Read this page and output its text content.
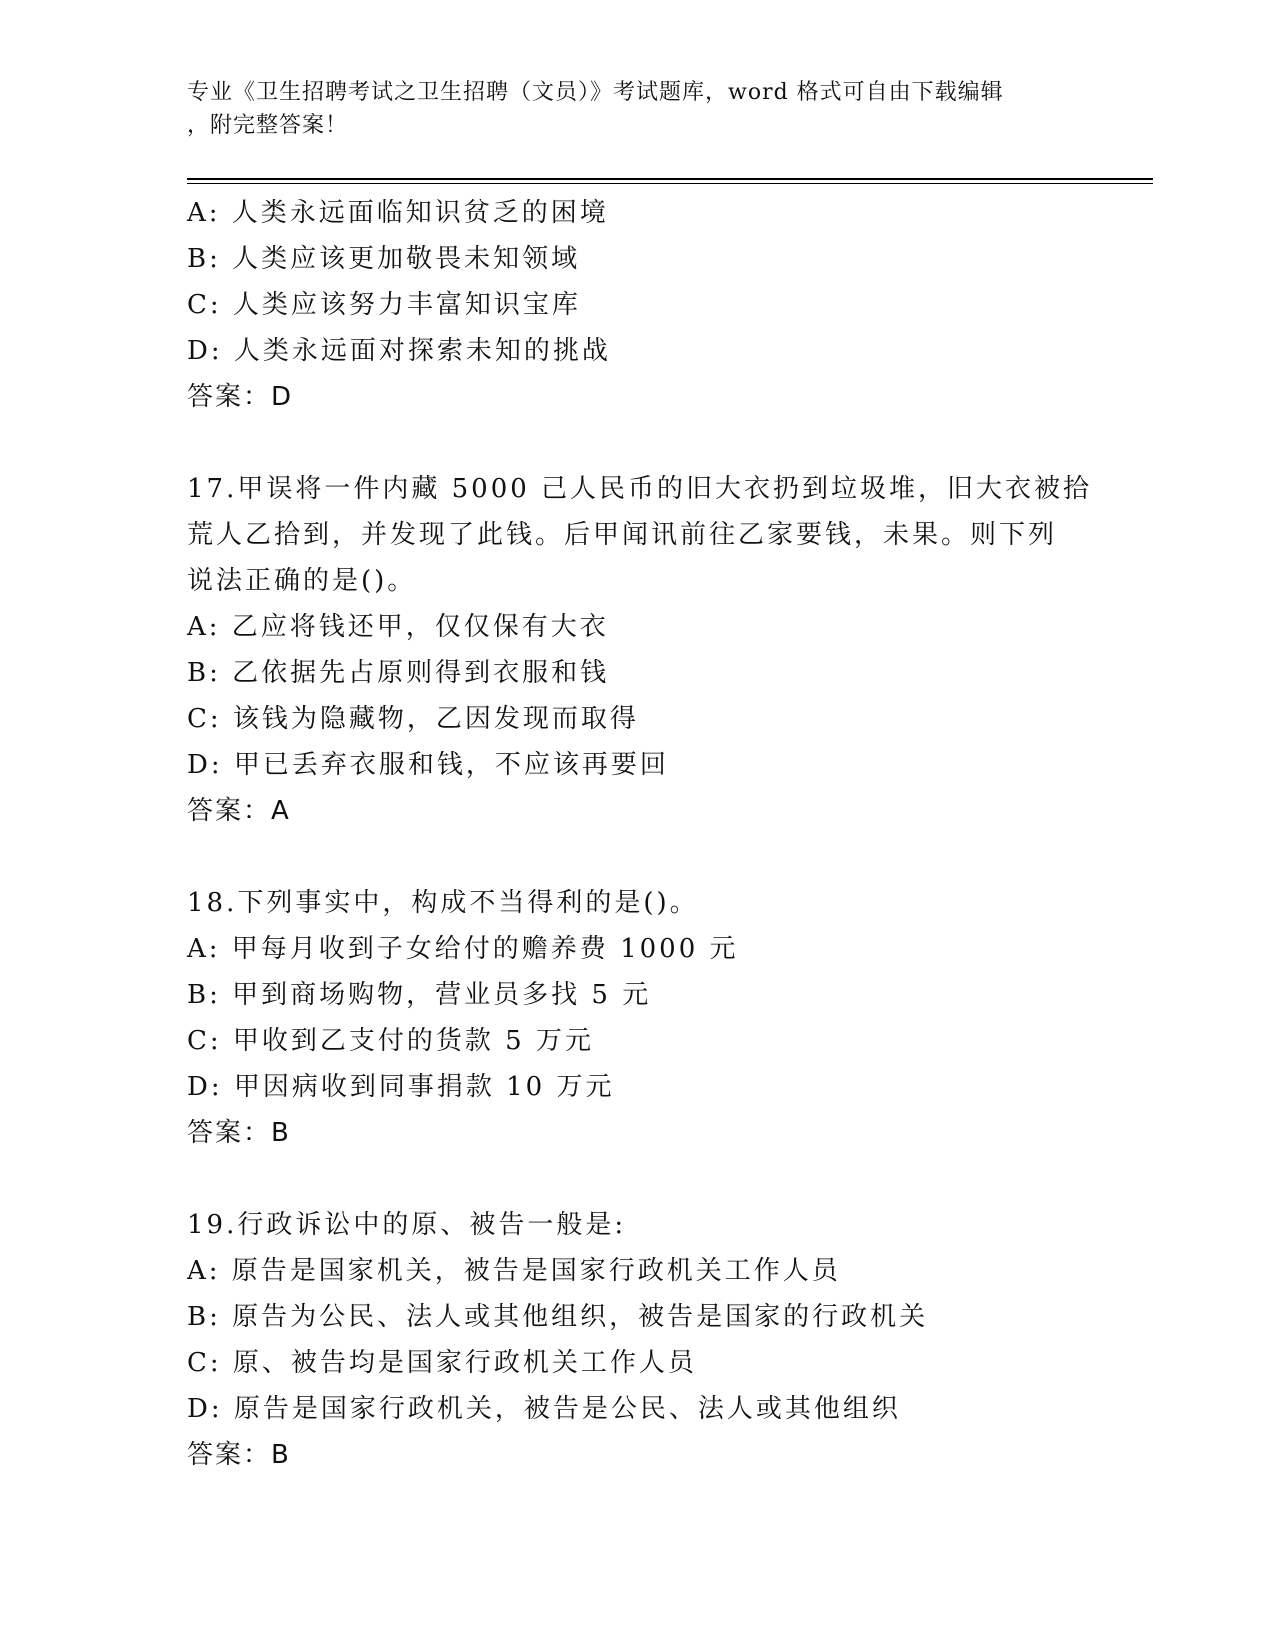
专业《卫生招聘考试之卫生招聘（文员）》考试题库，word 格式可自由下载编辑
，附完整答案！
A: 人类永远面临知识贫乏的困境
B: 人类应该更加敬畏未知领域
C: 人类应该努力丰富知识宝库
D: 人类永远面对探索未知的挑战
答案：D
17.甲误将一件内藏 5000 己人民币的旧大衣扔到垃圾堆，旧大衣被拾
荒人乙拾到，并发现了此钱。后甲闻讯前往乙家要钱，未果。则下列
说法正确的是()。
A: 乙应将钱还甲，仅仅保有大衣
B: 乙依据先占原则得到衣服和钱
C: 该钱为隐藏物，乙因发现而取得
D: 甲已丢弃衣服和钱，不应该再要回
答案：A
18.下列事实中，构成不当得利的是()。
A: 甲每月收到子女给付的赡养费 1000 元
B: 甲到商场购物，营业员多找 5 元
C: 甲收到乙支付的货款 5 万元
D: 甲因病收到同事捐款 10 万元
答案：B
19.行政诉讼中的原、被告一般是:
A: 原告是国家机关，被告是国家行政机关工作人员
B: 原告为公民、法人或其他组织，被告是国家的行政机关
C: 原、被告均是国家行政机关工作人员
D: 原告是国家行政机关，被告是公民、法人或其他组织
答案：B
